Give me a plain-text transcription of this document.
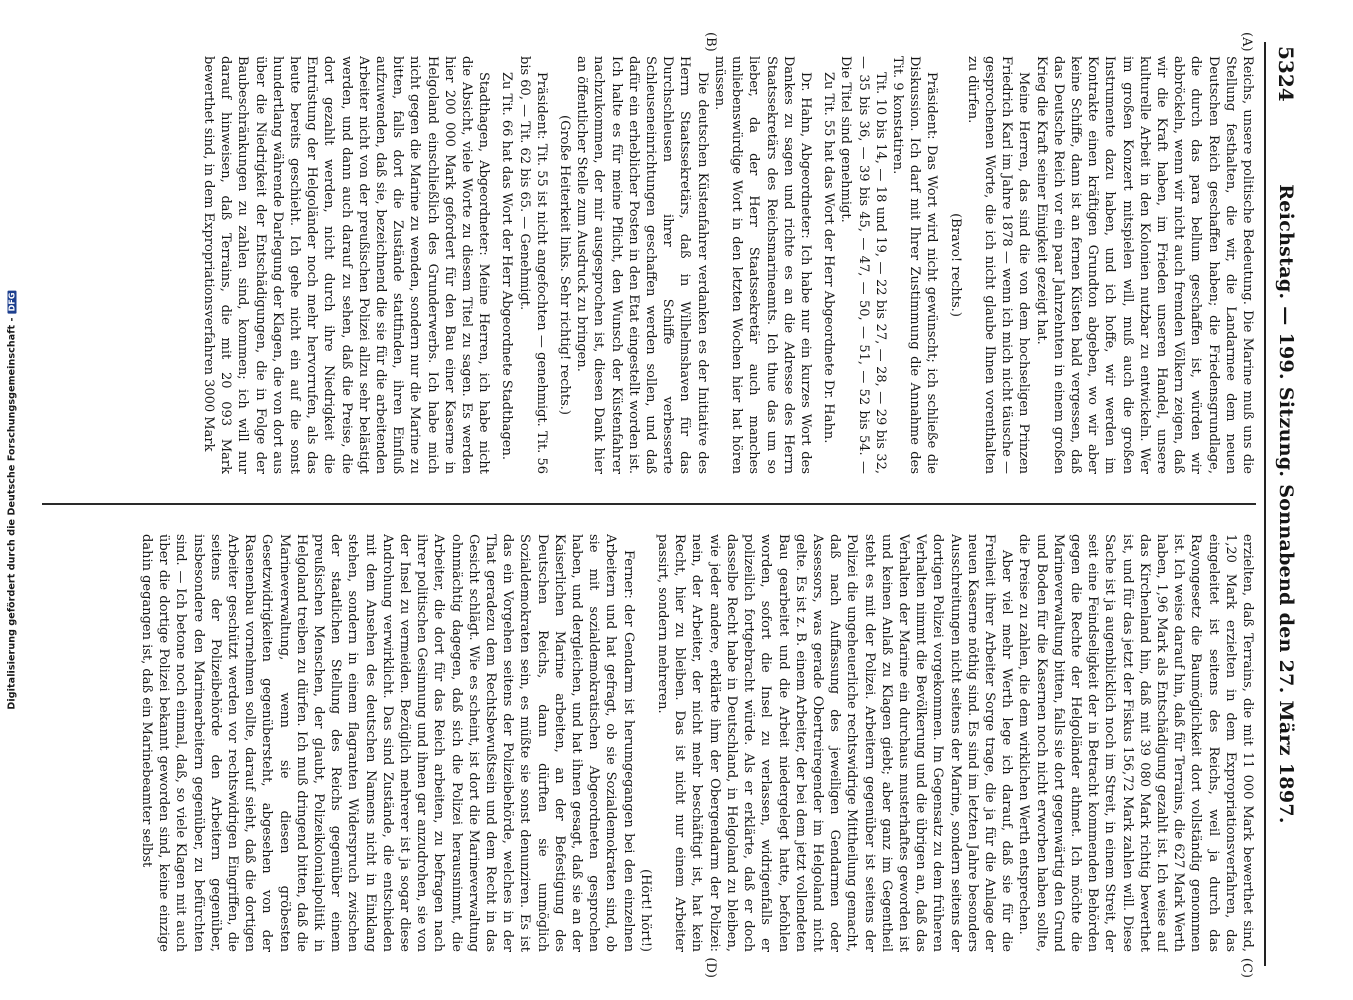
Digitalisierung gefördert durch die Deutsche Forschungsgemeinschaft -DFG
5324
Reichstag. — 199. Sitzung. Sonnabend den 27. März 1897.
(A)
(B)
(C)
(D)

Reichs, unsere politische Bedeutung. Die Marine muß uns die Stellung festhalten, die wir, die Landarmee dem neuen Deutschen Reich geschaffen haben; die Friedensgrundlage, die durch das para bellum geschaffen ist, würden wir abbröckeln, wenn wir nicht auch fremden Völkern zeigen, daß wir die Kraft haben, im Frieden unseren Handel, unsere kulturelle Arbeit in den Kolonien nutzbar zu entwickeln. Wer im großen Konzert mitspielen will, muß auch die großen Instrumente dazu haben, und ich hoffe, wir werden im Kontrakte einen kräftigen Grundton abgeben, wo wir aber keine Schiffe, dann ist an fernen Küsten bald vergessen, daß das Deutsche Reich vor ein paar Jahrzehnten in einem großen Krieg die Kraft seiner Einigkeit gezeigt hat.

Meine Herren, das sind die von dem hochseligen Prinzen Friedrich Karl im Jahre 1878 — wenn ich mich nicht täusche — gesprochenen Worte, die ich nicht glaube Ihnen vorenthalten zu dürfen.

(Bravo! rechts.)

Präsident: Das Wort wird nicht gewünscht; ich schließe die Diskussion. Ich darf mit Ihrer Zustimmung die Annahme des Tit. 9 konstatiren.

Tit. 10 bis 14, — 18 und 19, — 22 bis 27, — 28, — 29 bis 32, — 35 bis 36, — 39 bis 45, — 47, — 50, — 51, — 52 bis 54. — Die Titel sind genehmigt.

Zu Tit. 55 hat das Wort der Herr Abgeordnete Dr. Hahn.

Dr. Hahn, Abgeordneter: Ich habe nur ein kurzes Wort des Dankes zu sagen und richte es an die Adresse des Herrn Staatssekretärs des Reichsmarineamts. Ich thue das um so lieber, da der Herr Staatssekretär auch manches unliebenswürdige Wort in den letzten Wochen hier hat hören müssen.

Die deutschen Küstenfahrer verdanken es der Initiative des Herrn Staatssekretärs, daß in Wilhelmshaven für das Durchschleusen ihrer Schiffe verbesserte Schleuseneinrichtungen geschaffen werden sollen, und daß dafür ein erheblicher Posten in den Etat eingestellt worden ist. Ich halte es für meine Pflicht, den Wunsch der Küstenfahrer nachzukommen, der mir ausgesprochen ist, diesen Dank hier an öffentlicher Stelle zum Ausdruck zu bringen.

(Große Heiterkeit links. Sehr richtig! rechts.)

Präsident: Tit. 55 ist nicht angefochten — genehmigt. Tit. 56 bis 60, — Tit. 62 bis 65. — Genehmigt.

Zu Tit. 66 hat das Wort der Herr Abgeordnete Stadthagen.

Stadthagen, Abgeordneter: Meine Herren, ich habe nicht die Absicht, viele Worte zu diesem Titel zu sagen. Es werden hier 200 000 Mark gefordert für den Bau einer Kaserne in Helgoland einschließlich des Grunderwerbs. Ich habe mich nicht gegen die Marine zu wenden, sondern nur die Marine zu bitten, falls dort die Zustände stattfinden, ihren Einfluß aufzuwenden, daß sie, bezeichnend die sie für die arbeitenden Arbeiter nicht von der preußischen Polizei allzu sehr belästigt werden, und dann auch darauf zu sehen, daß die Preise, die dort gezahlt werden, nicht durch ihre Niedrigkeit die Entrüstung der Helgoländer noch mehr hervorrufen, als das heute bereits geschieht. Ich gehe nicht ein auf die sonst hundertlang währende Darlegung der Klagen, die von dort aus über die Niedrigkeit der Entschädigungen, die in Folge der Baubeschränkungen zu zahlen sind, kommen; ich will nur darauf hinweisen, daß Terrains, die mit 20 093 Mark bewerthet sind, in dem Expropriationsverfahren 3000 Mark

erzielten, daß Terrains, die mit 11 000 Mark bewerthet sind, 1,20 Mark erzielten in dem Expropriationsverfahren, das eingeleitet ist seitens des Reichs, weil ja durch das Rayongesetz die Baumöglichkeit dort vollständig genommen ist. Ich weise darauf hin, daß für Terrains, die 627 Mark Werth haben, 1,96 Mark als Entschädigung gezahlt ist. Ich weise auf das Kirchenland hin, daß mit 39 080 Mark richtig bewerthet ist, und für das jetzt der Fiskus 156,72 Mark zahlen will. Diese Sache ist ja augenblicklich noch im Streit, in einem Streit, der seit eine Feindseligkeit der in Betracht kommenden Behörden gegen die Rechte der Helgoländer athmet. Ich möchte die Marineverwaltung bitten, falls sie dort gegenwärtig den Grund und Boden für die Kasernen noch nicht erworben haben sollte, die Preise zu zahlen, die dem wirklichen Werth entsprechen.

Aber viel mehr Werth lege ich darauf, daß sie für die Freiheit ihrer Arbeiter Sorge trage, die ja für die Anlage der neuen Kaserne nöthig sind. Es sind im letzten Jahre besonders Ausschreitungen nicht seitens der Marine, sondern seitens der dortigen Polizei vorgekommen. Im Gegensatz zu dem früheren Verhalten nimmt die Bevölkerung und die übrigen an, daß das Verhalten der Marine ein durchaus musterhaftes geworden ist und keinen Anlaß zu Klagen giebt; aber ganz im Gegentheil steht es mit der Polizei. Arbeitern gegenüber ist seitens der Polizei die ungeheuerliche rechtswidrige Mittheilung gemacht, daß nach Auffassung des jeweiligen Gendarmen oder Assessors, was gerade Obertreiregender im Helgoland nicht gelte. Es ist z. B. einem Arbeiter, der bei dem jetzt vollendeten Bau gearbeitet und die Arbeit niedergelegt hatte, befohlen worden, sofort die Insel zu verlassen, widrigenfalls er polizeilich fortgebracht würde. Als er erklärte, daß er doch dasselbe Recht habe in Deutschland, in Helgoland zu bleiben, wie jeder andere, erklärte ihm der Obergendarm der Polizei: nein, der Arbeiter, der nicht mehr beschäftigt ist, hat kein Recht, hier zu bleiben. Das ist nicht nur einem Arbeiter passirt, sondern mehreren.

(Hört! hört!)

Ferner: der Gendarm ist herumgegangen bei den einzelnen Arbeitern und hat gefragt, ob sie Sozialdemokraten sind, ob sie mit sozialdemokratischen Abgeordneten gesprochen haben, und dergleichen, und hat ihnen gesagt, daß sie an der Kaiserlichen Marine arbeiten, an der Befestigung des Deutschen Reichs, dann dürften sie unmöglich Sozialdemokraten sein, es müßte sie sonst denunziren. Es ist das ein Vorgehen seitens der Polizeibehörde, welches in der That geradezu dem Rechtsbewußtsein und dem Recht in das Gesicht schlägt. Wie es scheint, ist dort die Marineverwaltung ohnmächtig dagegen, daß sich die Polizei herausnimmt, die Arbeiter, die dort für das Reich arbeiten, zu befragen nach ihrer politischen Gesinnung und ihnen gar anzudrohen, sie von der Insel zu vermeiden. Bezüglich mehrerer ist ja sogar diese Androhung verwirklicht. Das sind Zustände, die entschieden mit dem Ansehen des deutschen Namens nicht in Einklang stehen, sondern in einem flagranten Widerspruch zwischen der staatlichen Stellung des Reichs gegenüber einem preußischen Menschen, der glaubt, Polizeikolonialpolitik in Helgoland treiben zu dürfen. Ich muß dringend bitten, daß die Marineverwaltung, wenn sie diesen gröbesten Gesetzwidrigkeiten gegenübersteht, abgesehen von der Rasenenbau vornehmen sollte, darauf sieht, daß die dortigen Arbeiter geschützt werden vor rechtswidrigen Eingriffen, die seitens der Polizeibehörde den Arbeitern gegenüber, insbesondere den Marinearbeitern gegenüber, zu befürchten sind. — Ich betone noch einmal, daß, so viele Klagen mit auch über die dortige Polizei bekannt geworden sind, keine einzige dahin gegangen ist, daß ein Marinebeamter selbst
